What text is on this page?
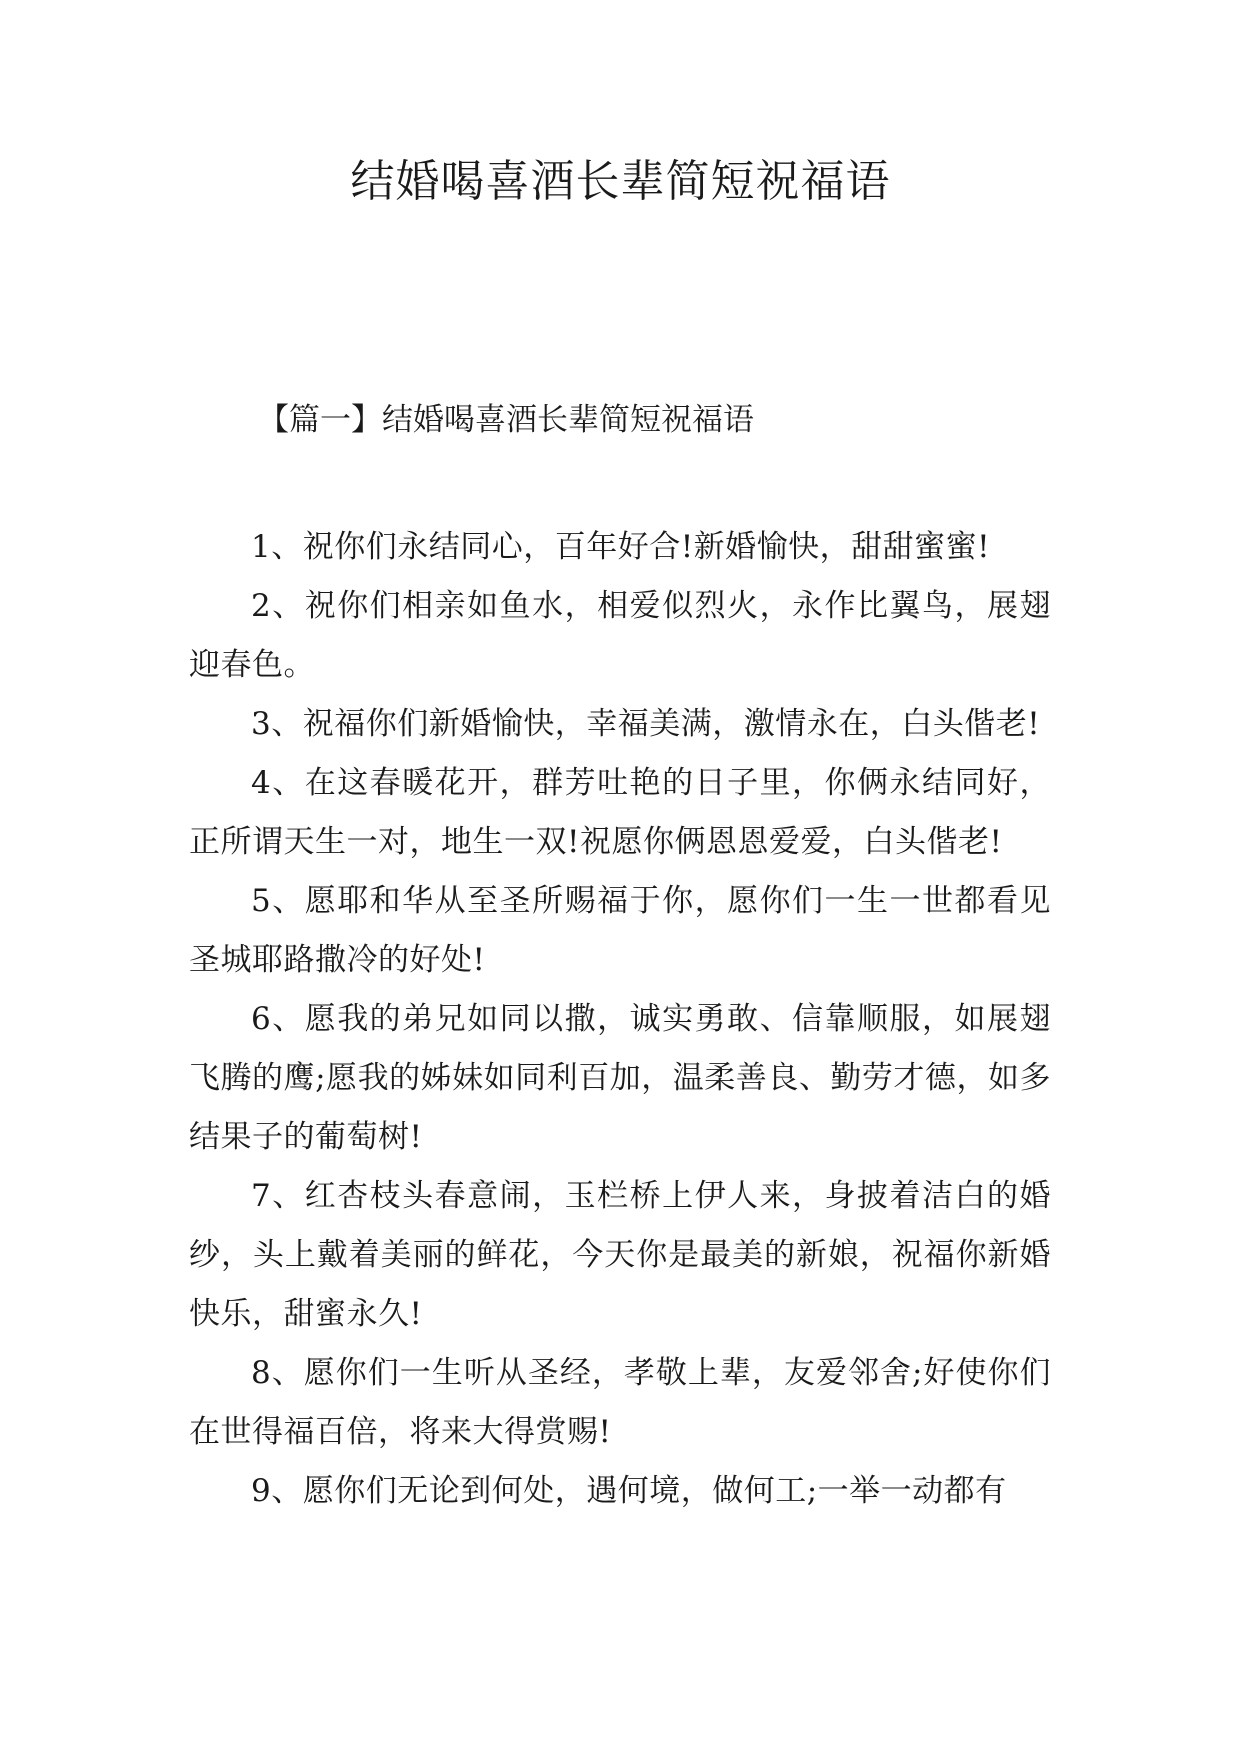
结婚喝喜酒长辈简短祝福语
【篇一】结婚喝喜酒长辈简短祝福语

1、祝你们永结同心，百年好合!新婚愉快，甜甜蜜蜜!

2、祝你们相亲如鱼水，相爱似烈火，永作比翼鸟，展翅迎春色。

3、祝福你们新婚愉快，幸福美满，激情永在，白头偕老!

4、在这春暖花开，群芳吐艳的日子里，你俩永结同好，正所谓天生一对，地生一双!祝愿你俩恩恩爱爱，白头偕老!

5、愿耶和华从至圣所赐福于你，愿你们一生一世都看见圣城耶路撒冷的好处!

6、愿我的弟兄如同以撒，诚实勇敢、信靠顺服，如展翅飞腾的鹰;愿我的姊妹如同利百加，温柔善良、勤劳才德，如多结果子的葡萄树!

7、红杏枝头春意闹，玉栏桥上伊人来，身披着洁白的婚纱，头上戴着美丽的鲜花，今天你是最美的新娘，祝福你新婚快乐，甜蜜永久!

8、愿你们一生听从圣经，孝敬上辈，友爱邻舍;好使你们在世得福百倍，将来大得赏赐!

9、愿你们无论到何处，遇何境，做何工;一举一动都有
